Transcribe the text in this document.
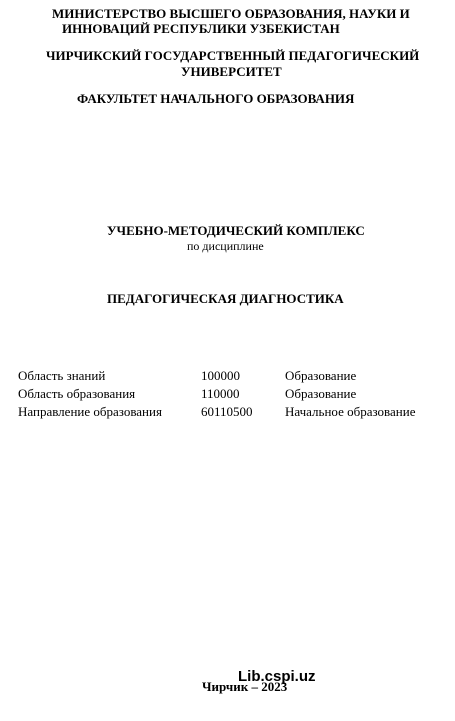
МИНИСТЕРСТВО ВЫСШЕГО ОБРАЗОВАНИЯ, НАУКИ И
ИННОВАЦИЙ РЕСПУБЛИКИ УЗБЕКИСТАН
ЧИРЧИКСКИЙ ГОСУДАРСТВЕННЫЙ ПЕДАГОГИЧЕСКИЙ
УНИВЕРСИТЕТ
ФАКУЛЬТЕТ НАЧАЛЬНОГО ОБРАЗОВАНИЯ
УЧЕБНО-МЕТОДИЧЕСКИЙ КОМПЛЕКС
по дисциплине
ПЕДАГОГИЧЕСКАЯ ДИАГНОСТИКА
Область знаний	100000	Образование
Область образования	110000	Образование
Направление образования	60110500 Начальное образование
Чирчик – 2023
Lib.cspi.uz
